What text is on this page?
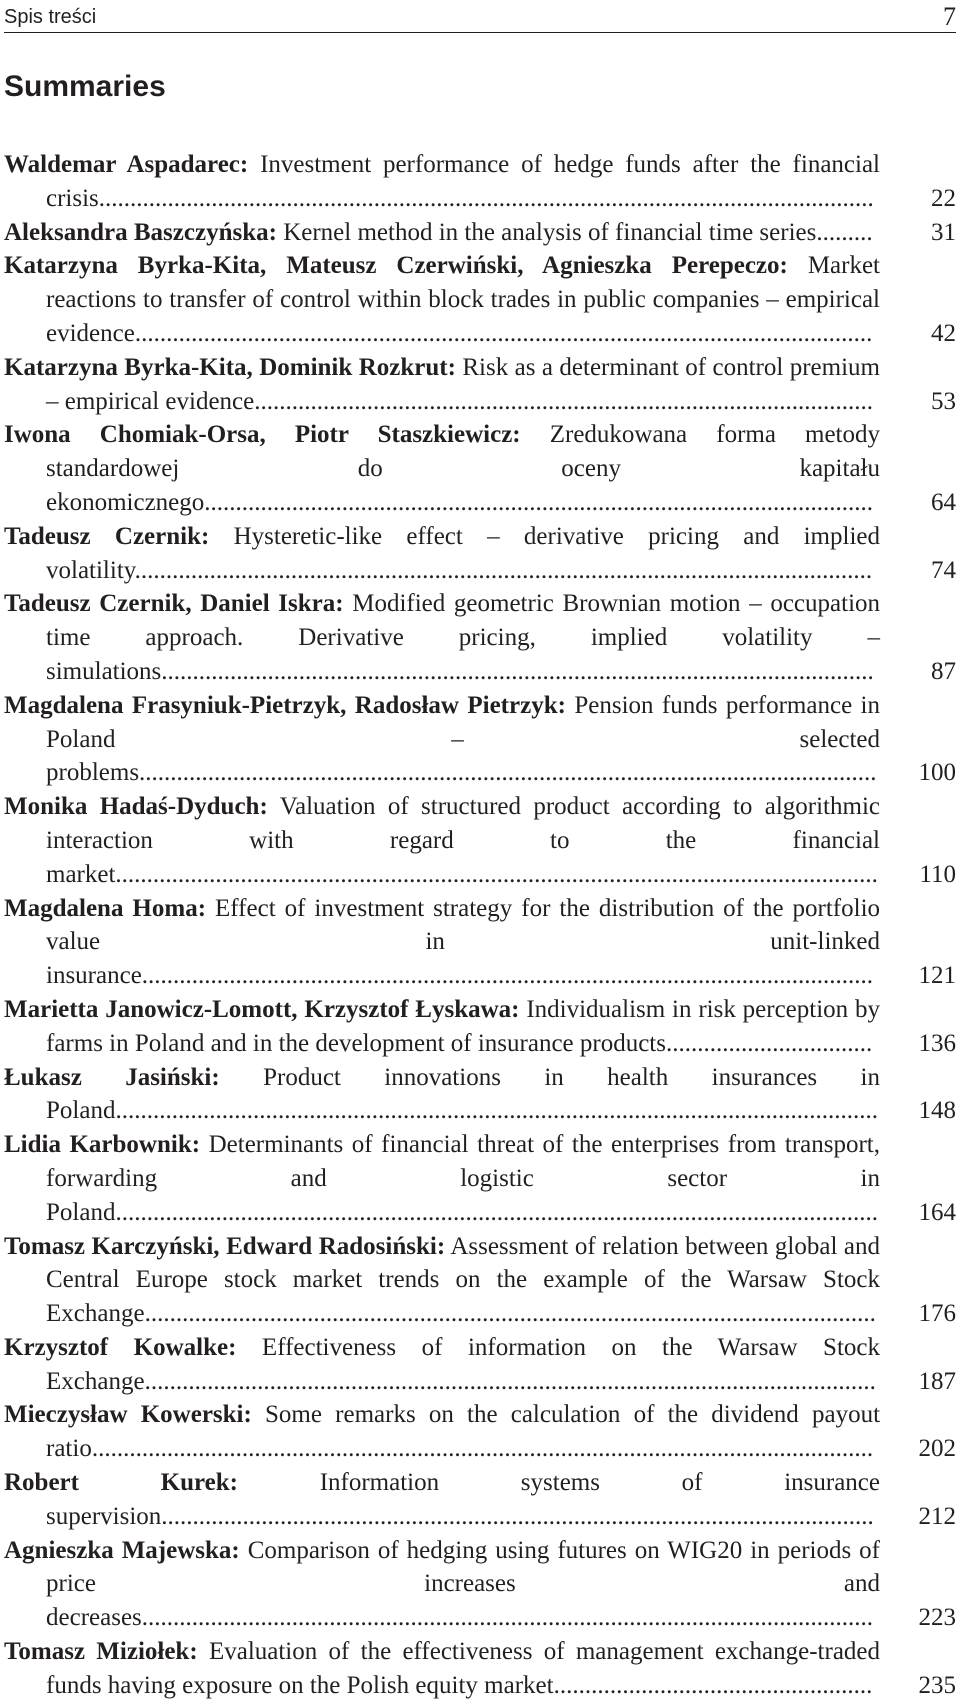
Spis treści	7
Summaries
Waldemar Aspadarec: Investment performance of hedge funds after the financial crisis............................................................................................................................ 22
Aleksandra Baszczyńska: Kernel method in the analysis of financial time series......... 31
Katarzyna Byrka-Kita, Mateusz Czerwiński, Agnieszka Perepeczo: Market reactions to transfer of control within block trades in public companies – empirical evidence......................................................................................................................	42
Katarzyna Byrka-Kita, Dominik Rozkrut: Risk as a determinant of control premium – empirical evidence................................................................................................... 53
Iwona Chomiak-Orsa, Piotr Staszkiewicz: Zredukowana forma metody standardowej do oceny kapitału ekonomicznego........................................................................................................... 64
Tadeusz Czernik: Hysteretic-like effect – derivative pricing and implied volatility......................................................................................................................	74
Tadeusz Czernik, Daniel Iskra: Modified geometric Brownian motion – occupation time approach. Derivative pricing, implied volatility – simulations.................................................................................................................. 87
Magdalena Frasyniuk-Pietrzyk, Radosław Pietrzyk: Pension funds performance in Poland – selected problems...................................................................................................................... 100
Monika Hadaś-Dyduch: Valuation of structured product according to algorithmic interaction with regard to the financial market.......................................................................................................................... 110
Magdalena Homa: Effect of investment strategy for the distribution of the portfolio value in unit-linked insurance..................................................................................................................... 121
Marietta Janowicz-Lomott, Krzysztof Łyskawa: Individualism in risk perception by farms in Poland and in the development of insurance products.................................	136
Łukasz Jasiński: Product innovations in health insurances in Poland.......................................................................................................................... 148
Lidia Karbownik: Determinants of financial threat of the enterprises from transport, forwarding and logistic sector in Poland.......................................................................................................................... 164
Tomasz Karczyński, Edward Radosiński: Assessment of relation between global and Central Europe stock market trends on the example of the Warsaw Stock Exchange..................................................................................................................... 176
Krzysztof Kowalke: Effectiveness of information on the Warsaw Stock Exchange..................................................................................................................... 187
Mieczysław Kowerski: Some remarks on the calculation of the dividend payout ratio............................................................................................................................. 202
Robert Kurek:	Information systems of insurance supervision.................................................................................................................. 212
Agnieszka Majewska: Comparison of hedging using futures on WIG20 in periods of price increases and decreases..................................................................................................................... 223
Tomasz Miziołek: Evaluation of the effectiveness of management exchange-traded funds having exposure on the Polish equity market...................................................	235
